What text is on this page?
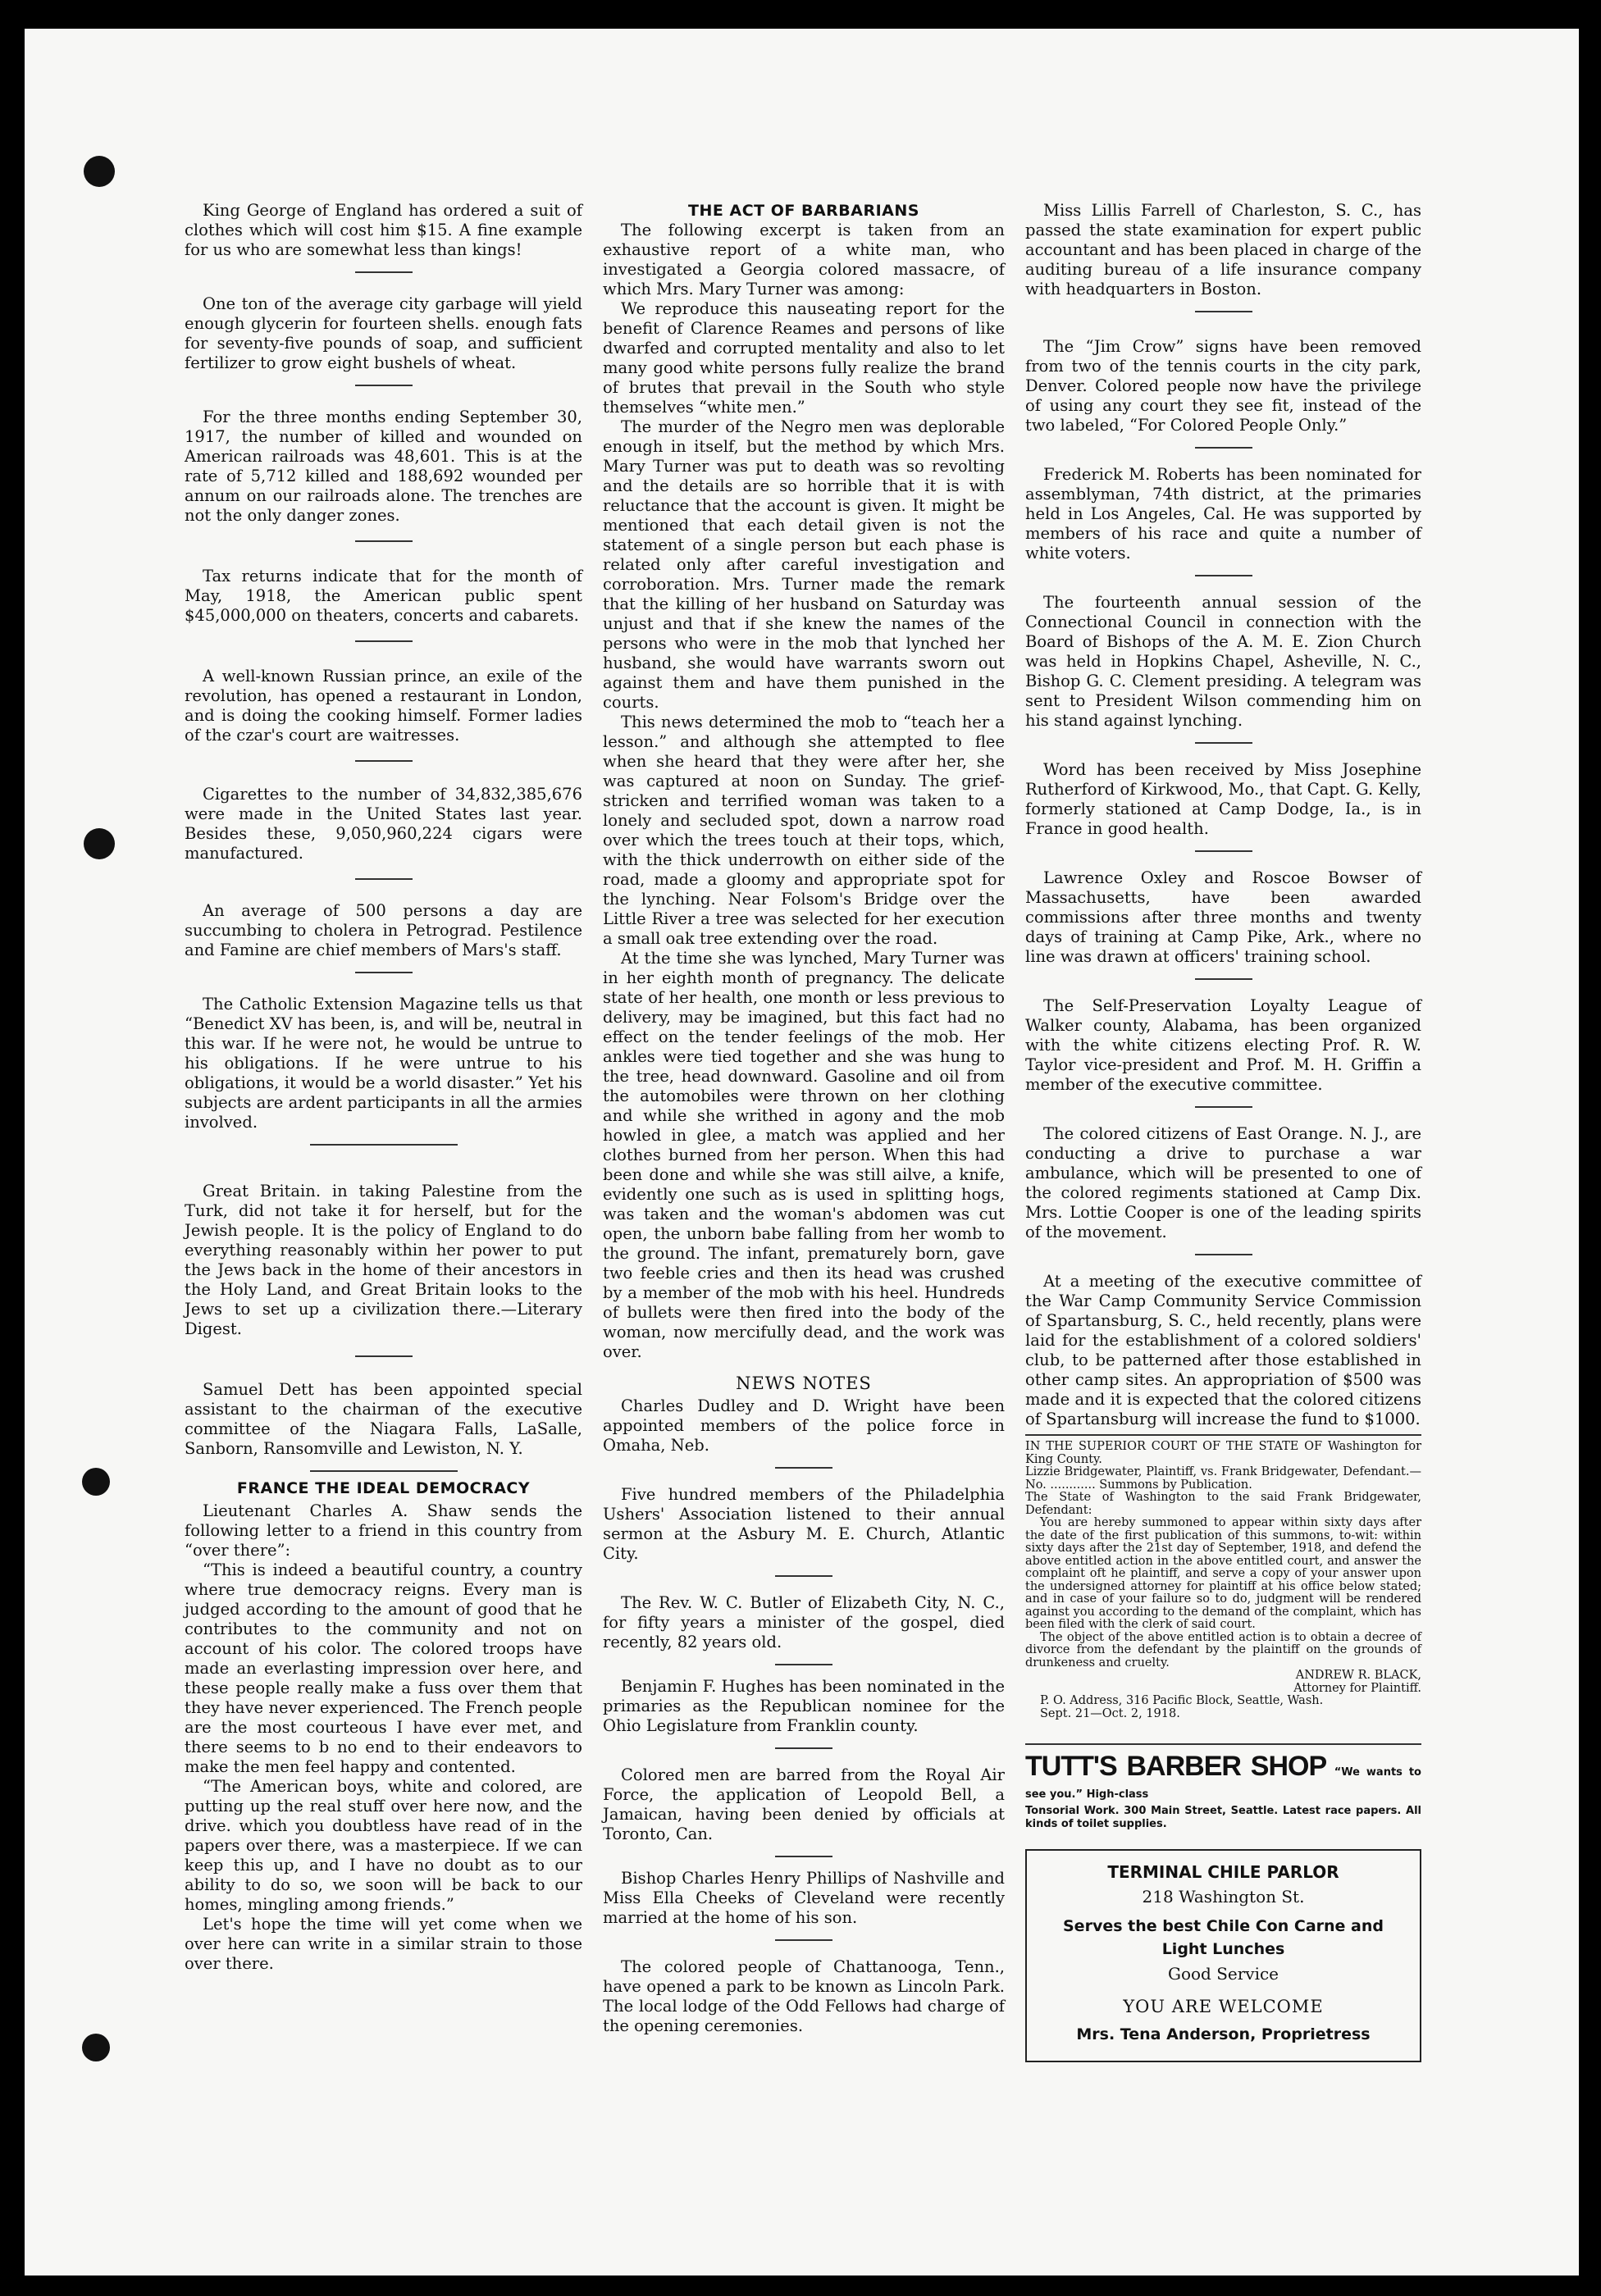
King George of England has ordered a suit of clothes which will cost him $15. A fine example for us who are somewhat less than kings!

One ton of the average city garbage will yield enough glycerin for fourteen shells. enough fats for seventy-five pounds of soap, and sufficient fertilizer to grow eight bushels of wheat.

For the three months ending September 30, 1917, the number of killed and wounded on American railroads was 48,601. This is at the rate of 5,712 killed and 188,692 wounded per annum on our railroads alone. The trenches are not the only danger zones.

Tax returns indicate that for the month of May, 1918, the American public spent $45,000,000 on theaters, concerts and cabarets.

A well-known Russian prince, an exile of the revolution, has opened a restaurant in London, and is doing the cooking himself. Former ladies of the czar's court are waitresses.

Cigarettes to the number of 34,832,385,676 were made in the United States last year. Besides these, 9,050,960,224 cigars were manufactured.

An average of 500 persons a day are succumbing to cholera in Petrograd. Pestilence and Famine are chief members of Mars's staff.

The Catholic Extension Magazine tells us that “Benedict XV has been, is, and will be, neutral in this war. If he were not, he would be untrue to his obligations. If he were untrue to his obligations, it would be a world disaster.” Yet his subjects are ardent participants in all the armies involved.

Great Britain. in taking Palestine from the Turk, did not take it for herself, but for the Jewish people. It is the policy of England to do everything reasonably within her power to put the Jews back in the home of their ancestors in the Holy Land, and Great Britain looks to the Jews to set up a civilization there.—Literary Digest.

Samuel Dett has been appointed special assistant to the chairman of the executive committee of the Niagara Falls, LaSalle, Sanborn, Ransomville and Lewiston, N. Y.

FRANCE THE IDEAL DEMOCRACY

Lieutenant Charles A. Shaw sends the following letter to a friend in this country from “over there”:

“This is indeed a beautiful country, a country where true democracy reigns. Every man is judged according to the amount of good that he contributes to the community and not on account of his color. The colored troops have made an everlasting impression over here, and these people really make a fuss over them that they have never experienced. The French people are the most courteous I have ever met, and there seems to b no end to their endeavors to make the men feel happy and contented.

“The American boys, white and colored, are putting up the real stuff over here now, and the drive. which you doubtless have read of in the papers over there, was a masterpiece. If we can keep this up, and I have no doubt as to our ability to do so, we soon will be back to our homes, mingling among friends.”

Let's hope the time will yet come when we over here can write in a similar strain to those over there.

THE ACT OF BARBARIANS

The following excerpt is taken from an exhaustive report of a white man, who investigated a Georgia colored massacre, of which Mrs. Mary Turner was among:

We reproduce this nauseating report for the benefit of Clarence Reames and persons of like dwarfed and corrupted mentality and also to let many good white persons fully realize the brand of brutes that prevail in the South who style themselves “white men.”

The murder of the Negro men was deplorable enough in itself, but the method by which Mrs. Mary Turner was put to death was so revolting and the details are so horrible that it is with reluctance that the account is given. It might be mentioned that each detail given is not the statement of a single person but each phase is related only after careful investigation and corroboration. Mrs. Turner made the remark that the killing of her husband on Saturday was unjust and that if she knew the names of the persons who were in the mob that lynched her husband, she would have warrants sworn out against them and have them punished in the courts.

This news determined the mob to “teach her a lesson.” and although she attempted to flee when she heard that they were after her, she was captured at noon on Sunday. The grief-stricken and terrified woman was taken to a lonely and secluded spot, down a narrow road over which the trees touch at their tops, which, with the thick underrowth on either side of the road, made a gloomy and appropriate spot for the lynching. Near Folsom's Bridge over the Little River a tree was selected for her execution a small oak tree extending over the road.

At the time she was lynched, Mary Turner was in her eighth month of pregnancy. The delicate state of her health, one month or less previous to delivery, may be imagined, but this fact had no effect on the tender feelings of the mob. Her ankles were tied together and she was hung to the tree, head downward. Gasoline and oil from the automobiles were thrown on her clothing and while she writhed in agony and the mob howled in glee, a match was applied and her clothes burned from her person. When this had been done and while she was still ailve, a knife, evidently one such as is used in splitting hogs, was taken and the woman's abdomen was cut open, the unborn babe falling from her womb to the ground. The infant, prematurely born, gave two feeble cries and then its head was crushed by a member of the mob with his heel. Hundreds of bullets were then fired into the body of the woman, now mercifully dead, and the work was over.

NEWS NOTES

Charles Dudley and D. Wright have been appointed members of the police force in Omaha, Neb.

Five hundred members of the Philadelphia Ushers' Association listened to their annual sermon at the Asbury M. E. Church, Atlantic City.

The Rev. W. C. Butler of Elizabeth City, N. C., for fifty years a minister of the gospel, died recently, 82 years old.

Benjamin F. Hughes has been nominated in the primaries as the Republican nominee for the Ohio Legislature from Franklin county.

Colored men are barred from the Royal Air Force, the application of Leopold Bell, a Jamaican, having been denied by officials at Toronto, Can.

Bishop Charles Henry Phillips of Nashville and Miss Ella Cheeks of Cleveland were recently married at the home of his son.

The colored people of Chattanooga, Tenn., have opened a park to be known as Lincoln Park. The local lodge of the Odd Fellows had charge of the opening ceremonies.

Miss Lillis Farrell of Charleston, S. C., has passed the state examination for expert public accountant and has been placed in charge of the auditing bureau of a life insurance company with headquarters in Boston.

The “Jim Crow” signs have been removed from two of the tennis courts in the city park, Denver. Colored people now have the privilege of using any court they see fit, instead of the two labeled, “For Colored People Only.”

Frederick M. Roberts has been nominated for assemblyman, 74th district, at the primaries held in Los Angeles, Cal. He was supported by members of his race and quite a number of white voters.

The fourteenth annual session of the Connectional Council in connection with the Board of Bishops of the A. M. E. Zion Church was held in Hopkins Chapel, Asheville, N. C., Bishop G. C. Clement presiding. A telegram was sent to President Wilson commending him on his stand against lynching.

Word has been received by Miss Josephine Rutherford of Kirkwood, Mo., that Capt. G. Kelly, formerly stationed at Camp Dodge, Ia., is in France in good health.

Lawrence Oxley and Roscoe Bowser of Massachusetts, have been awarded commissions after three months and twenty days of training at Camp Pike, Ark., where no line was drawn at officers' training school.

The Self-Preservation Loyalty League of Walker county, Alabama, has been organized with the white citizens electing Prof. R. W. Taylor vice-president and Prof. M. H. Griffin a member of the executive committee.

The colored citizens of East Orange. N. J., are conducting a drive to purchase a war ambulance, which will be presented to one of the colored regiments stationed at Camp Dix. Mrs. Lottie Cooper is one of the leading spirits of the movement.

At a meeting of the executive committee of the War Camp Community Service Commission of Spartansburg, S. C., held recently, plans were laid for the establishment of a colored soldiers' club, to be patterned after those established in other camp sites. An appropriation of $500 was made and it is expected that the colored citizens of Spartansburg will increase the fund to $1000.

IN THE SUPERIOR COURT OF THE STATE OF Washington for King County.

Lizzie Bridgewater, Plaintiff, vs. Frank Bridgewater, Defendant.—No. ............ Summons by Publication.

The State of Washington to the said Frank Bridgewater, Defendant:

You are hereby summoned to appear within sixty days after the date of the first publication of this summons, to-wit: within sixty days after the 21st day of September, 1918, and defend the above entitled action in the above entitled court, and answer the complaint oft he plaintiff, and serve a copy of your answer upon the undersigned attorney for plaintiff at his office below stated; and in case of your failure so to do, judgment will be rendered against you according to the demand of the complaint, which has been filed with the clerk of said court.

The object of the above entitled action is to obtain a decree of divorce from the defendant by the plaintiff on the grounds of drunkeness and cruelty.

ANDREW R. BLACK,

Attorney for Plaintiff.

P. O. Address, 316 Pacific Block, Seattle, Wash.

Sept. 21—Oct. 2, 1918.

TUTT'S BARBER SHOP “We wants to see you.” High-class
Tonsorial Work. 300 Main Street, Seattle. Latest race papers. All kinds of toilet supplies.
TERMINAL CHILE PARLOR
218 Washington St.
Serves the best Chile Con Carne and
Light Lunches
Good Service
YOU ARE WELCOME
Mrs. Tena Anderson, Proprietress
